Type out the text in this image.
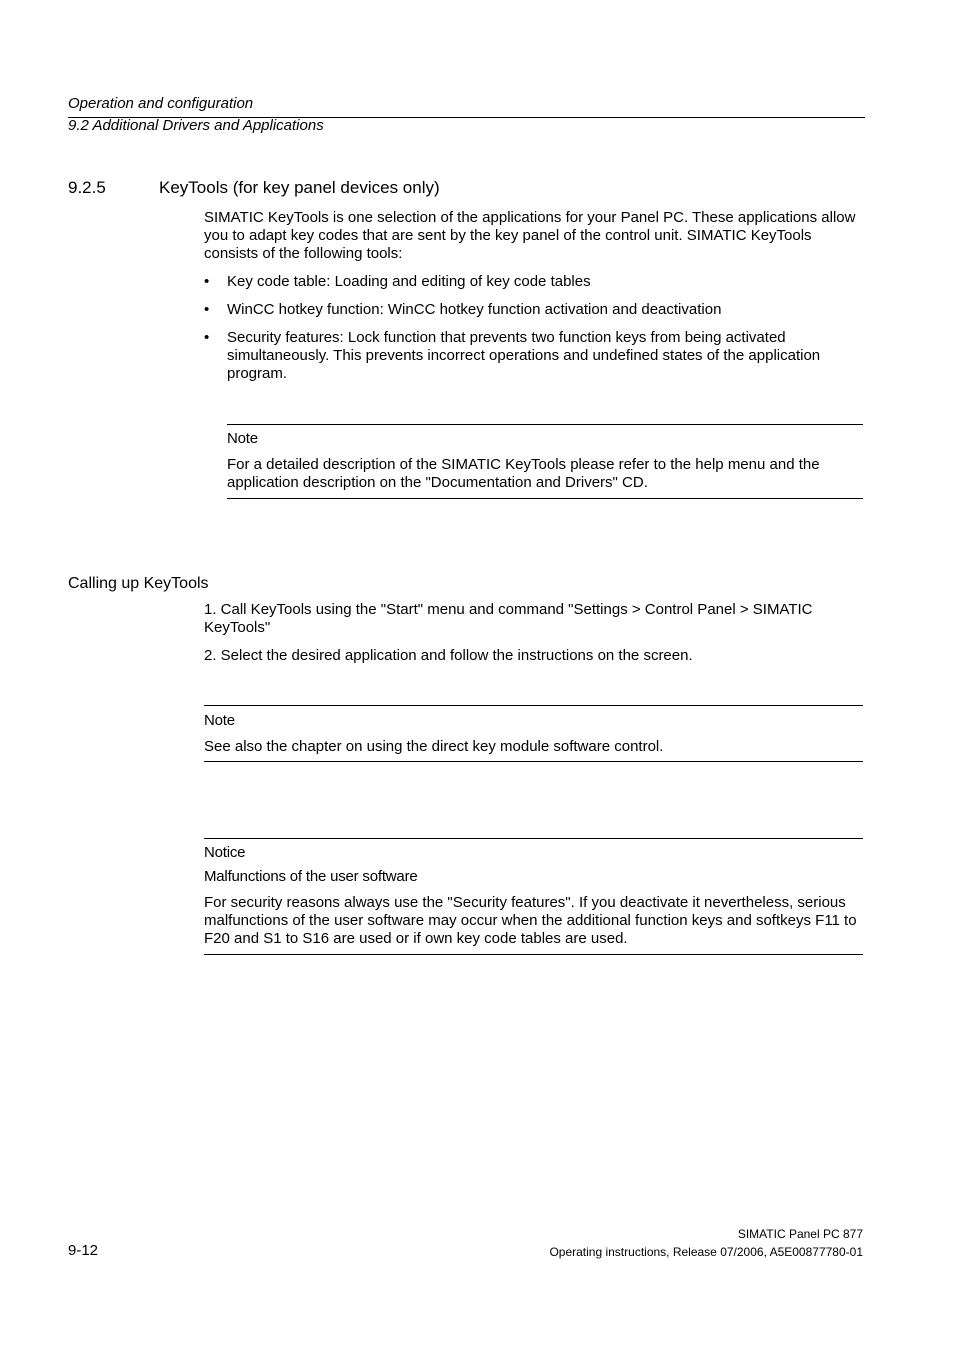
Operation and configuration
9.2 Additional Drivers and Applications
9.2.5	KeyTools (for key panel devices only)
SIMATIC KeyTools is one selection of the applications for your Panel PC. These applications allow you to adapt key codes that are sent by the key panel of the control unit. SIMATIC KeyTools consists of the following tools:
• Key code table: Loading and editing of key code tables
• WinCC hotkey function: WinCC hotkey function activation and deactivation
• Security features: Lock function that prevents two function keys from being activated simultaneously. This prevents incorrect operations and undefined states of the application program.
Note
For a detailed description of the SIMATIC KeyTools please refer to the help menu and the application description on the "Documentation and Drivers" CD.
Calling up KeyTools
1. Call KeyTools using the "Start" menu and command "Settings > Control Panel > SIMATIC KeyTools"
2. Select the desired application and follow the instructions on the screen.
Note
See also the chapter on using the direct key module software control.
Notice
Malfunctions of the user software
For security reasons always use the "Security features". If you deactivate it nevertheless, serious malfunctions of the user software may occur when the additional function keys and softkeys F11 to F20 and S1 to S16 are used or if own key code tables are used.
9-12
SIMATIC Panel PC 877
Operating instructions, Release 07/2006, A5E00877780-01
